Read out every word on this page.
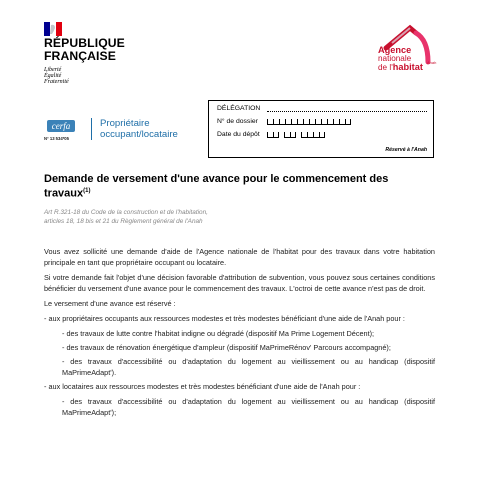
RÉPUBLIQUE
FRANÇAISE
Liberté
Égalité
Fraternité
Agence
nationale
de l'habitat Anah
cerfa
N° 13 534*05
Propriétaire
occupant/locataire
DÉLÉGATION
N° de dossier
Date du dépôt
Réservé à l'Anah
Demande de versement d'une avance pour le commencement des travaux$^{(1)}$
Art R.321-18 du Code de la construction et de l'habitation,
articles 18, 18 bis et 21 du Règlement général de l'Anah

Vous avez sollicité une demande d'aide de l'Agence nationale de l'habitat pour des travaux dans votre habitation principale en tant que propriétaire occupant ou locataire.

Si votre demande fait l'objet d'une décision favorable d'attribution de subvention, vous pouvez sous certaines conditions bénéficier du versement d'une avance pour le commencement des travaux. L'octroi de cette avance n'est pas de droit.

Le versement d'une avance est réservé :

- aux propriétaires occupants aux ressources modestes et très modestes bénéficiant d'une aide de l'Anah pour :

- des travaux de lutte contre l'habitat indigne ou dégradé (dispositif Ma Prime Logement Décent);

- des travaux de rénovation énergétique d'ampleur (dispositif MaPrimeRénov' Parcours accompagné);

- des travaux d'accessibilité ou d'adaptation du logement au vieillissement ou au handicap (dispositif MaPrimeAdapt').

- aux locataires aux ressources modestes et très modestes bénéficiant d'une aide de l'Anah pour :

- des travaux d'accessibilité ou d'adaptation du logement au vieillissement ou au handicap (dispositif MaPrimeAdapt');
